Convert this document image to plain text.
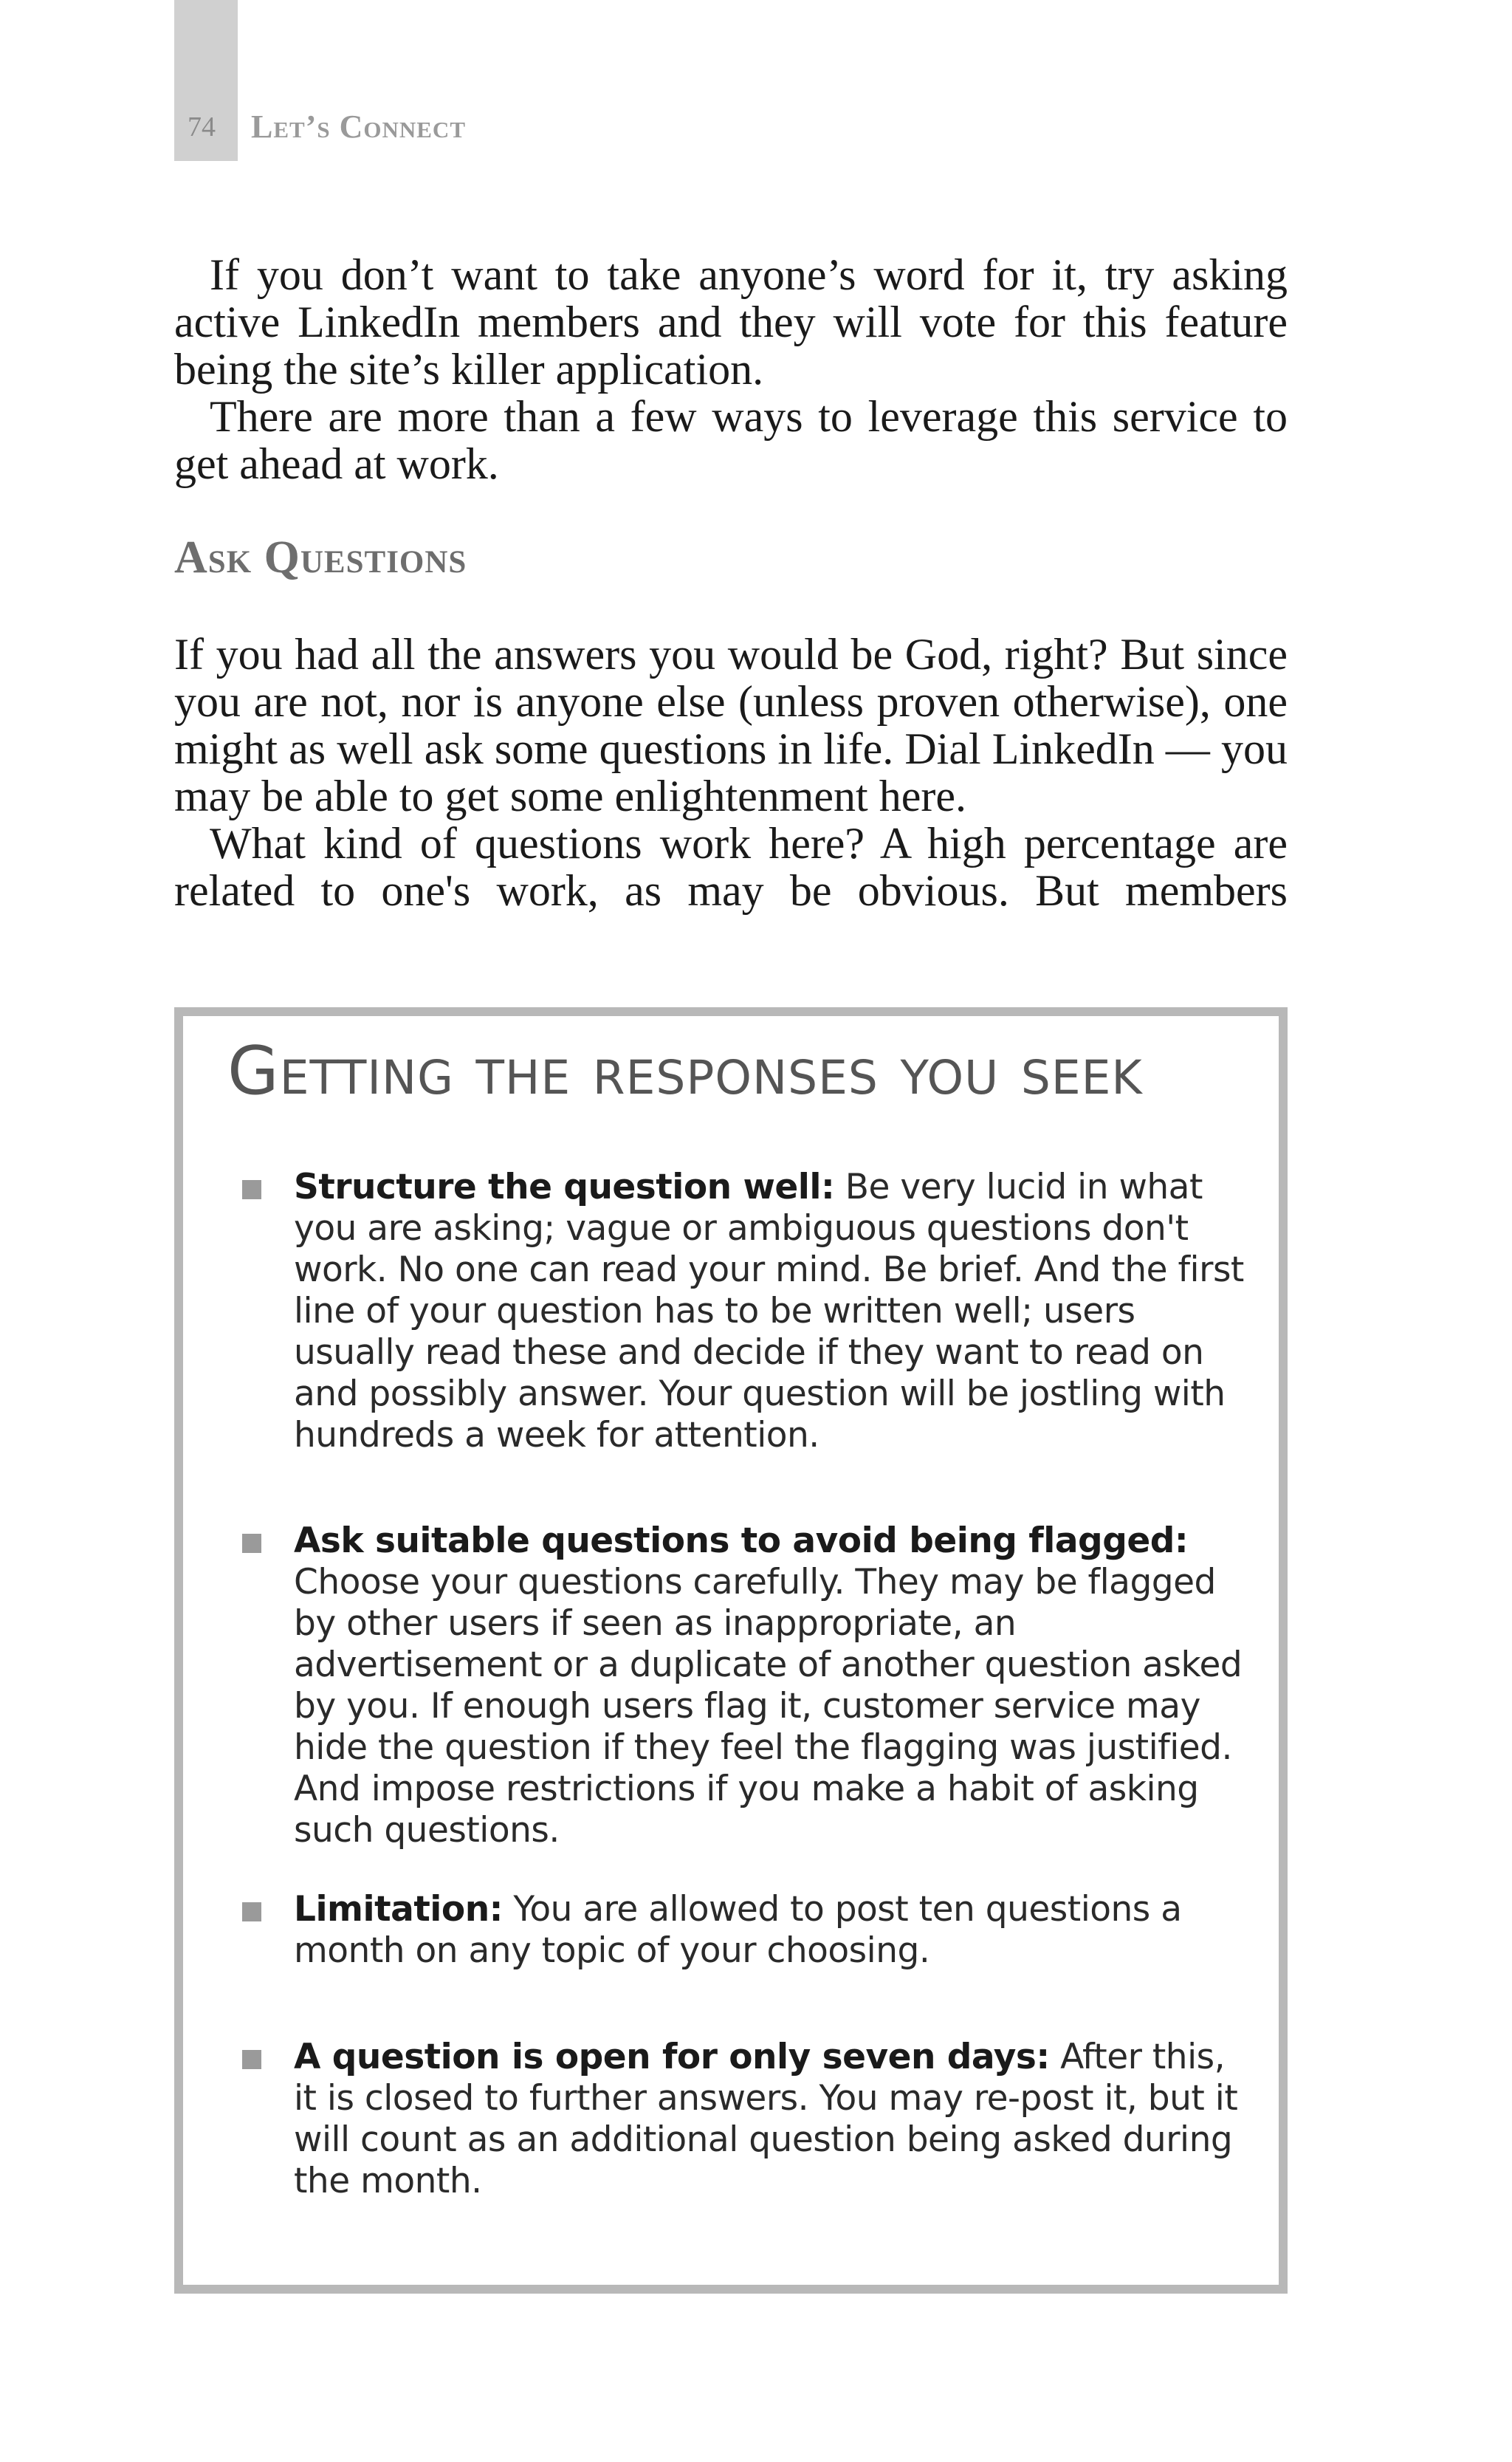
74 Let’s Connect

If you don’t want to take anyone’s word for it, try asking active LinkedIn members and they will vote for this feature being the site’s killer application.

There are more than a few ways to leverage this service to get ahead at work.

Ask Questions

If you had all the answers you would be God, right? But since you are not, nor is anyone else (unless proven otherwise), one might as well ask some questions in life. Dial LinkedIn — you may be able to get some enlightenment here.

What kind of questions work here? A high percentage are related to one's work, as may be obvious. But members

Getting the responses you seek
Structure the question well: Be very lucid in what you are asking; vague or ambiguous questions don't work. No one can read your mind. Be brief. And the first line of your question has to be written well; users usually read these and decide if they want to read on and possibly answer. Your question will be jostling with hundreds a week for attention.
Ask suitable questions to avoid being flagged: Choose your questions carefully. They may be flagged by other users if seen as inappropriate, an advertisement or a duplicate of another question asked by you. If enough users flag it, customer service may hide the question if they feel the flagging was justified. And impose restrictions if you make a habit of asking such questions.
Limitation: You are allowed to post ten questions a month on any topic of your choosing.
A question is open for only seven days: After this, it is closed to further answers. You may re-post it, but it will count as an additional question being asked during the month.
